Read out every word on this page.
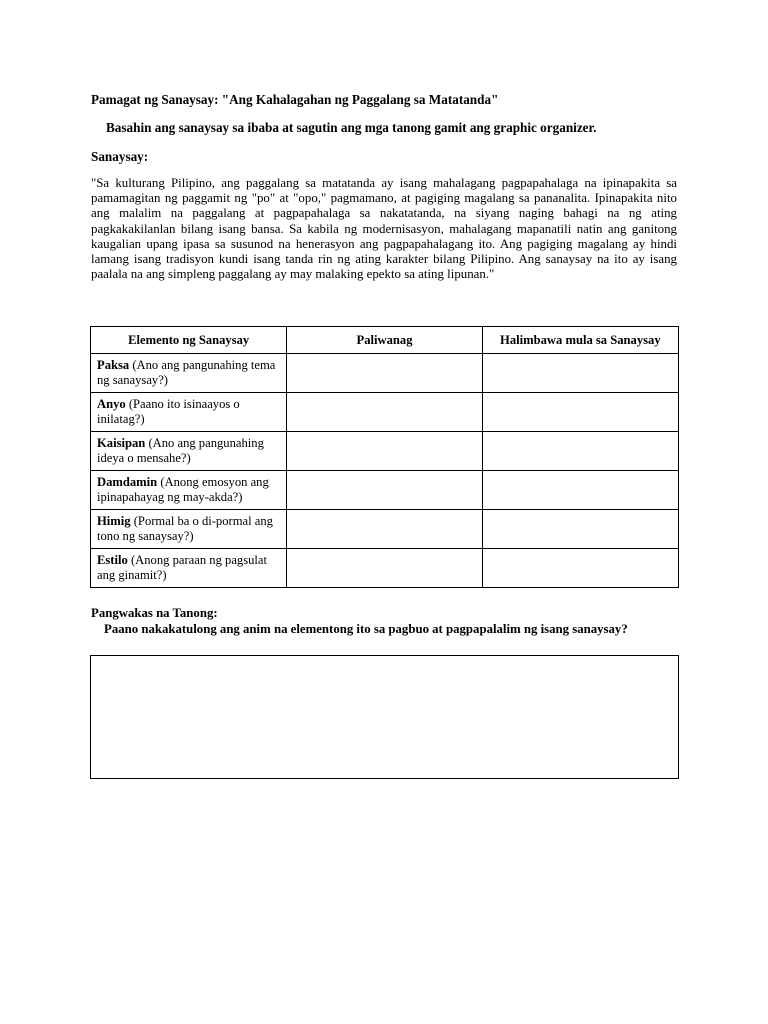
Pamagat ng Sanaysay: "Ang Kahalagahan ng Paggalang sa Matatanda"
Basahin ang sanaysay sa ibaba at sagutin ang mga tanong gamit ang graphic organizer.
Sanaysay:

"Sa kulturang Pilipino, ang paggalang sa matatanda ay isang mahalagang pagpapahalaga na ipinapakita sa pamamagitan ng paggamit ng "po" at "opo," pagmamano, at pagiging magalang sa pananalita. Ipinapakita nito ang malalim na paggalang at pagpapahalaga sa nakatatanda, na siyang naging bahagi na ng ating pagkakakilanlan bilang isang bansa. Sa kabila ng modernisasyon, mahalagang mapanatili natin ang ganitong kaugalian upang ipasa sa susunod na henerasyon ang pagpapahalagang ito. Ang pagiging magalang ay hindi lamang isang tradisyon kundi isang tanda rin ng ating karakter bilang Pilipino. Ang sanaysay na ito ay isang paalala na ang simpleng paggalang ay may malaking epekto sa ating lipunan."

Elemento ng Sanaysay	Paliwanag	Halimbawa mula sa Sanaysay

Paksa (Ano ang pangunahing tema ng sanaysay?)		

Anyo (Paano ito isinaayos o inilatag?)		

Kaisipan (Ano ang pangunahing ideya o mensahe?)		

Damdamin (Anong emosyon ang ipinapahayag ng may-akda?)		

Himig (Pormal ba o di-pormal ang tono ng sanaysay?)		

Estilo (Anong paraan ng pagsulat ang ginamit?)		

Pangwakas na Tanong:
Paano nakakatulong ang anim na elementong ito sa pagbuo at pagpapalalim ng isang sanaysay?
